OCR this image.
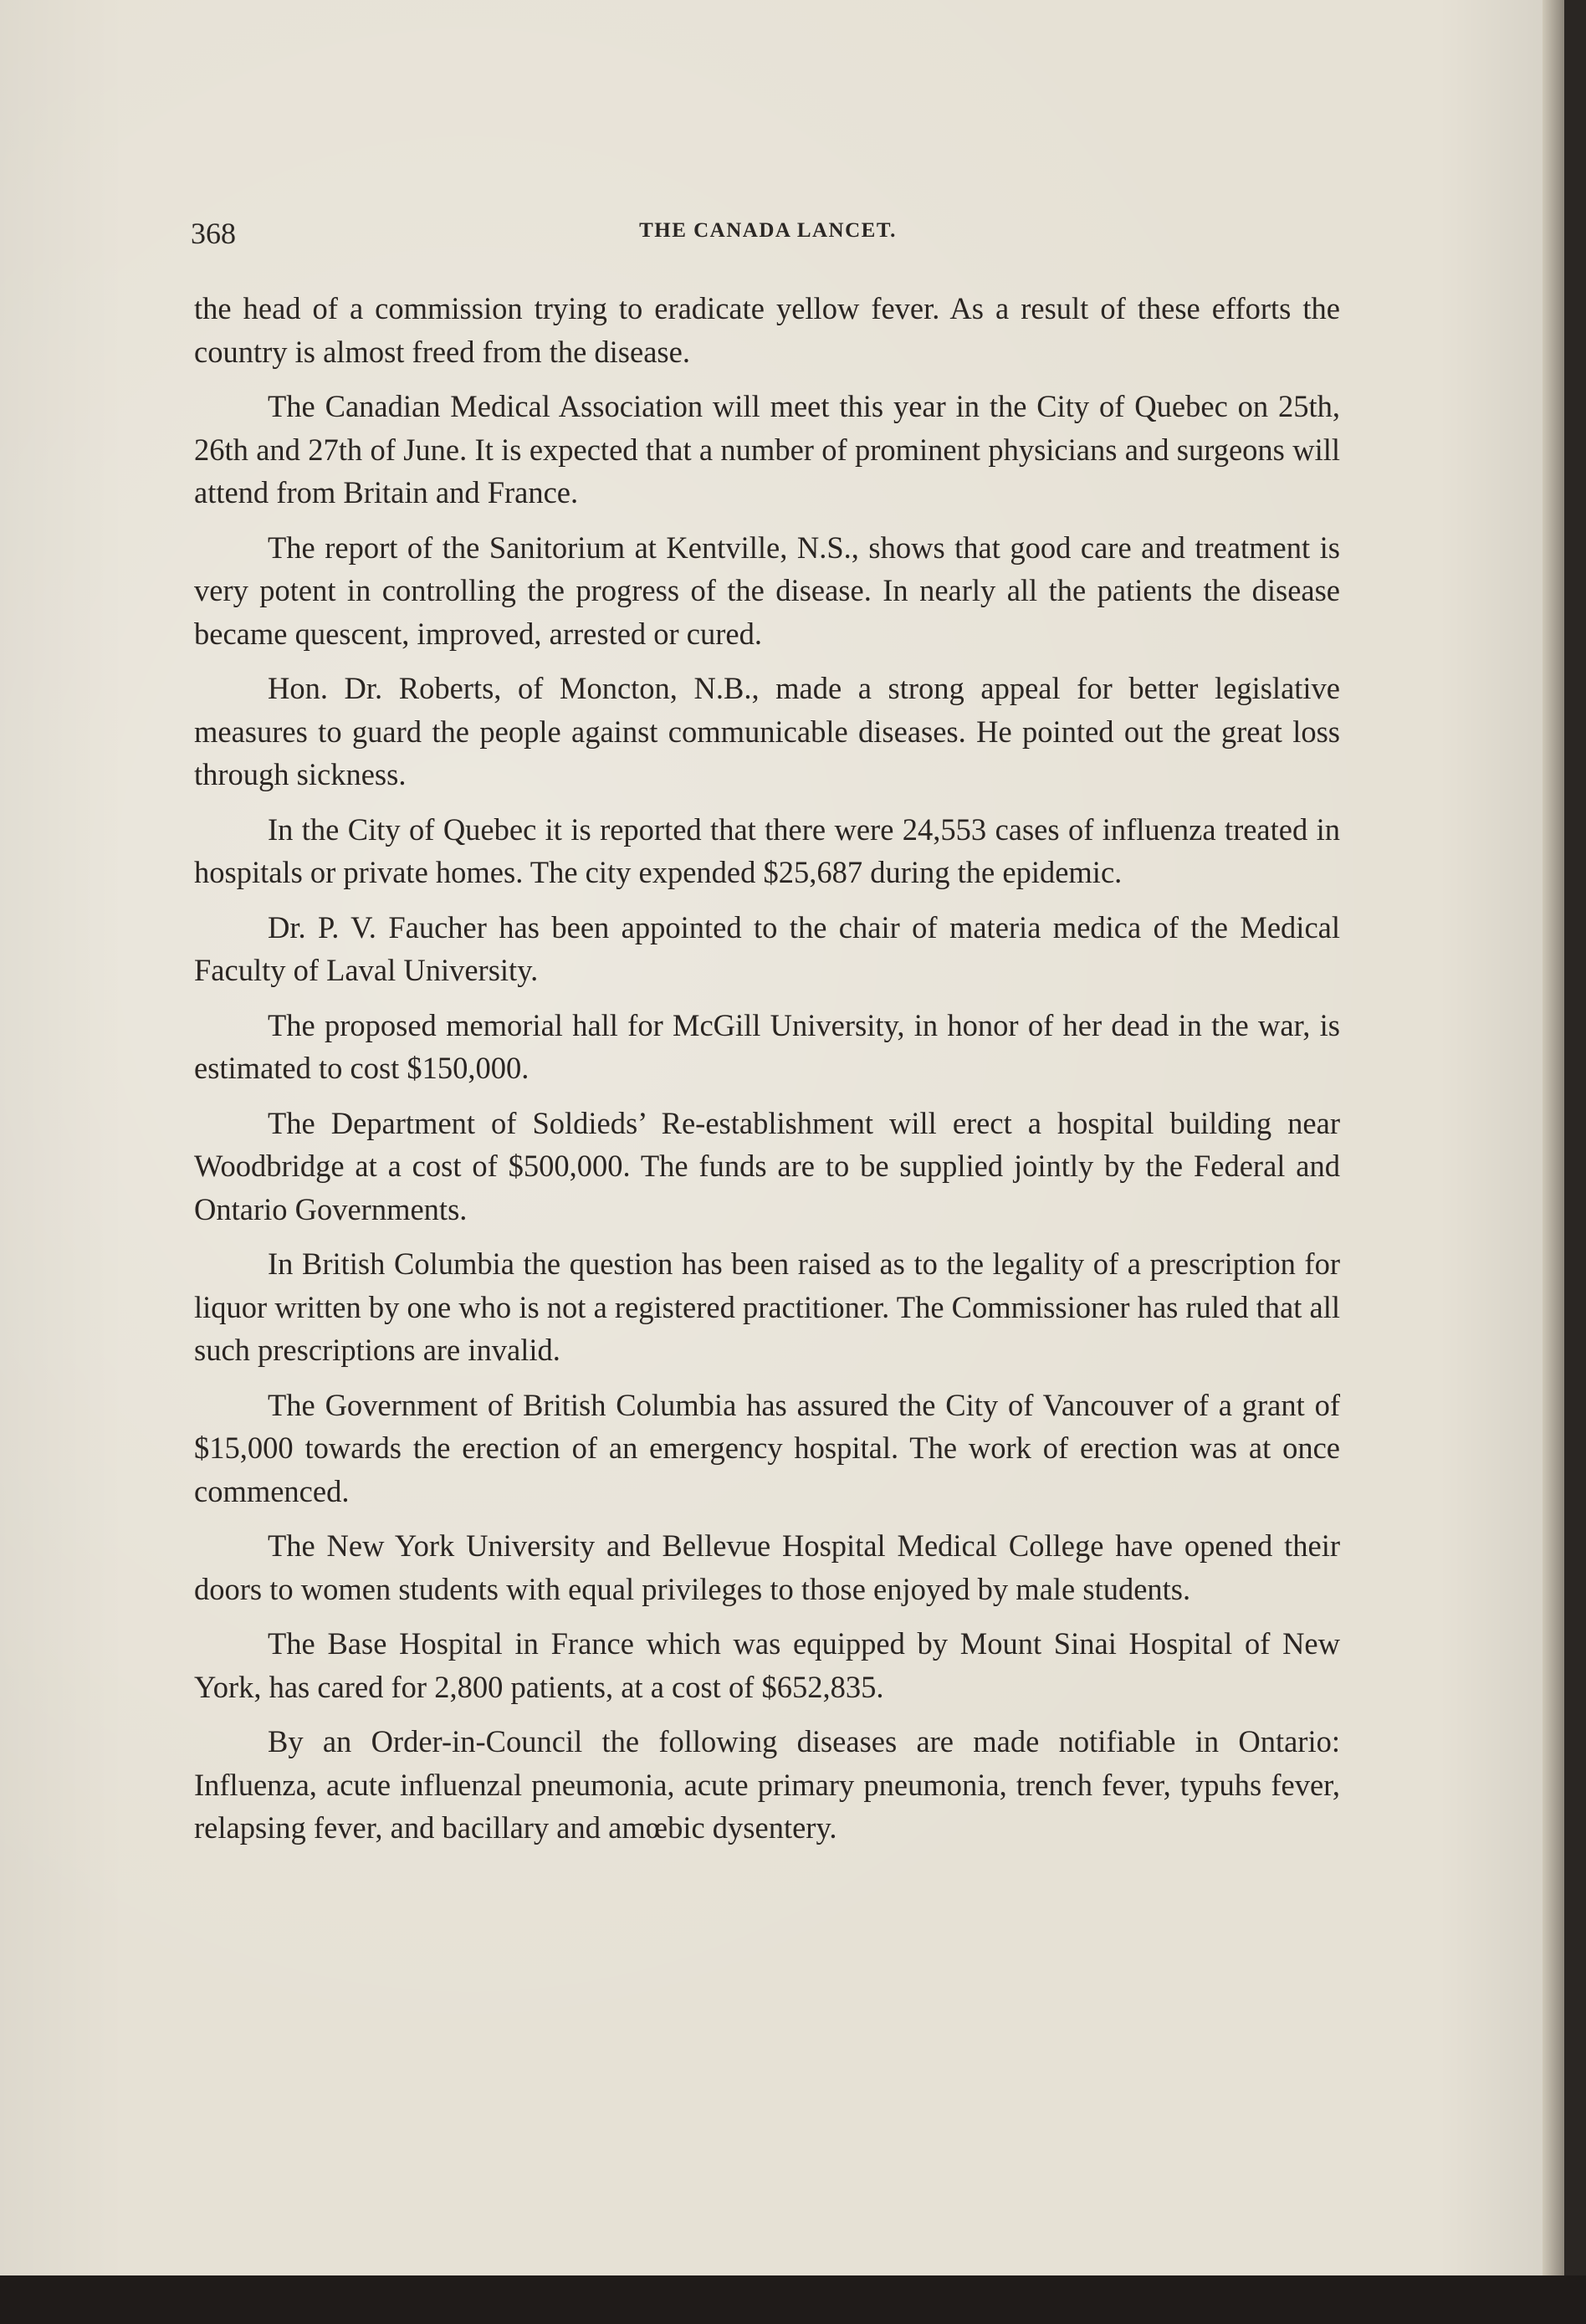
368	THE CANADA LANCET.

the head of a commission trying to eradicate yellow fever. As a result of these efforts the country is almost freed from the disease.

The Canadian Medical Association will meet this year in the City of Quebec on 25th, 26th and 27th of June. It is expected that a number of prominent physicians and surgeons will attend from Britain and France.

The report of the Sanitorium at Kentville, N.S., shows that good care and treatment is very potent in controlling the progress of the disease. In nearly all the patients the disease became quescent, improved, arrested or cured.

Hon. Dr. Roberts, of Moncton, N.B., made a strong appeal for better legislative measures to guard the people against communicable diseases. He pointed out the great loss through sickness.

In the City of Quebec it is reported that there were 24,553 cases of influenza treated in hospitals or private homes. The city expended $25,687 during the epidemic.

Dr. P. V. Faucher has been appointed to the chair of materia medica of the Medical Faculty of Laval University.

The proposed memorial hall for McGill University, in honor of her dead in the war, is estimated to cost $150,000.

The Department of Soldieds’ Re-establishment will erect a hospital building near Woodbridge at a cost of $500,000. The funds are to be supplied jointly by the Federal and Ontario Governments.

In British Columbia the question has been raised as to the legality of a prescription for liquor written by one who is not a registered practitioner. The Commissioner has ruled that all such prescriptions are invalid.

The Government of British Columbia has assured the City of Vancouver of a grant of $15,000 towards the erection of an emergency hospital. The work of erection was at once commenced.

The New York University and Bellevue Hospital Medical College have opened their doors to women students with equal privileges to those enjoyed by male students.

The Base Hospital in France which was equipped by Mount Sinai Hospital of New York, has cared for 2,800 patients, at a cost of $652,835.

By an Order-in-Council the following diseases are made notifiable in Ontario: Influenza, acute influenzal pneumonia, acute primary pneumonia, trench fever, typuhs fever, relapsing fever, and bacillary and amœbic dysentery.
